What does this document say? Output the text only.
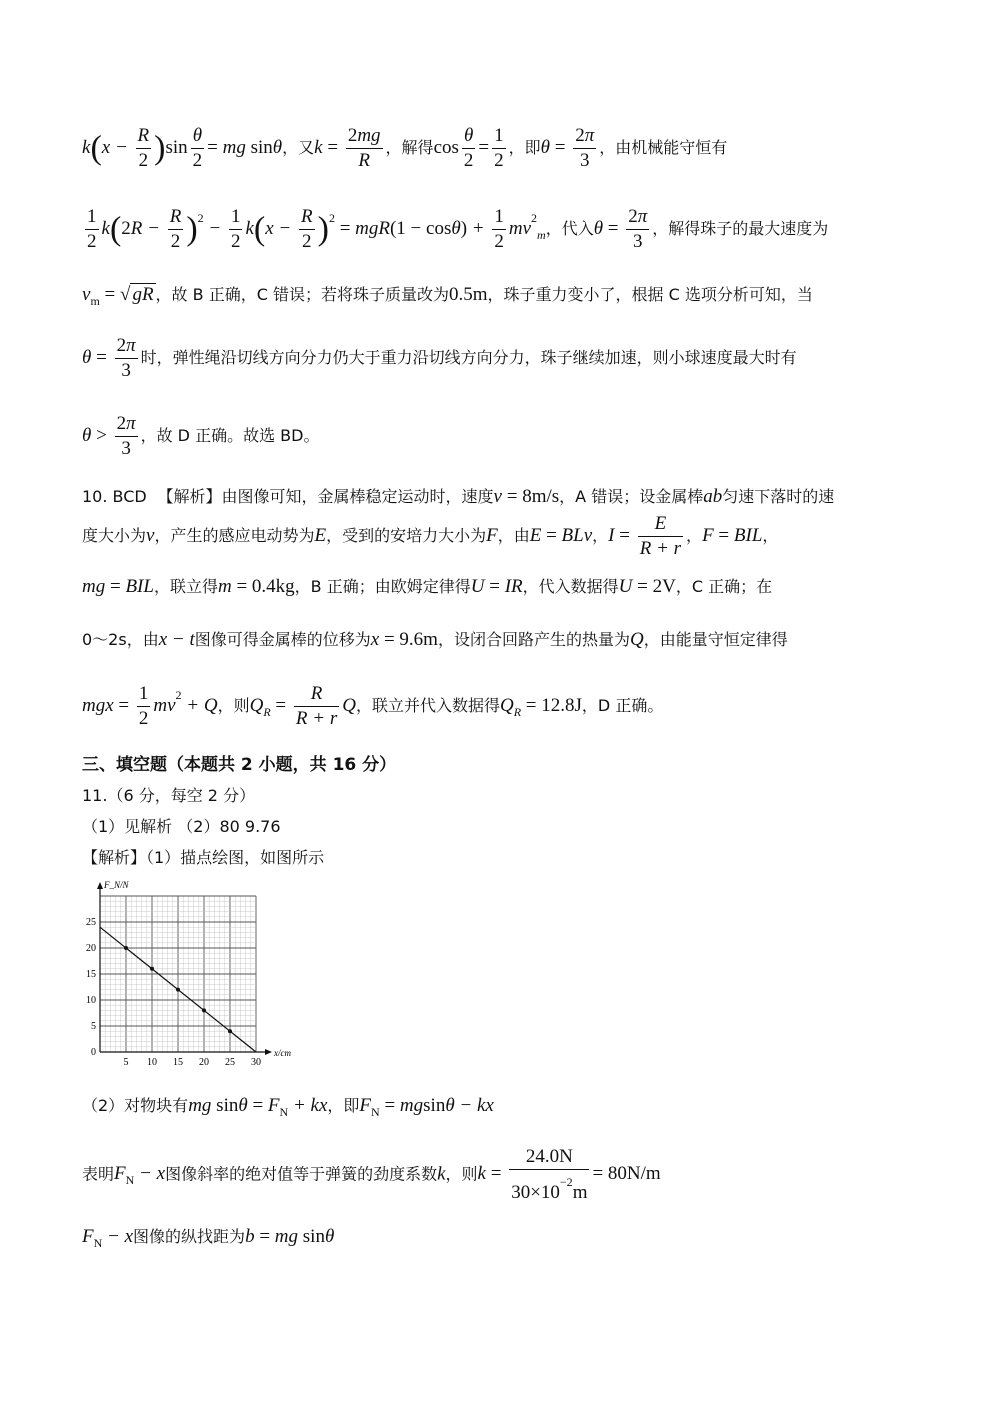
$k(x - \frac{R}{2} )\sin \frac{\theta}{2}$ = mg sinθ，又$k = \frac{2mg}{R}$ ，解得$\cos \frac{\theta}{2} = \frac{1}{2}$ ，即$\theta = \frac{2\pi}{3}$ ，由机械能守恒有
$\frac{1}{2} k(2R - \frac{R}{2} )^2 - \frac{1}{2} k(x - \frac{R}{2} )^2 = mgR(1 - \cos\theta) + \frac{1}{2} mv^2_m$，代入$\theta = \frac{2\pi}{3}$ ，解得珠子的最大速度为
$v_m$ = √ gR ，故 B 正确，C 错误；若将珠子质量改为0.5m，珠子重力变小了，根据 C 选项分析可知，当
$\theta = \frac{2\pi}{3}$ 时，弹性绳沿切线方向分力仍大于重力沿切线方向分力，珠子继续加速，则小球速度最大时有
$\theta > \frac{2\pi}{3}$ ，故 D 正确。故选 BD。
10. BCD 【解析】由图像可知，金属棒稳定运动时，速度v = 8m/s，A 错误；设金属棒ab匀速下落时的速
度大小为v，产生的感应电动势为E，受到的安培力大小为F，由E = BLv，$I = \frac{E}{R + r}$ ，F = BIL，
mg = BIL，联立得m = 0.4kg，B 正确；由欧姆定律得U = IR，代入数据得U = 2V，C 正确；在
0～2s，由x − t图像可得金属棒的位移为x = 9.6m，设闭合回路产生的热量为Q，由能量守恒定律得
mgx = $\frac{1}{2} mv^2 + Q$，则$Q_R = \frac{R}{R + r}$ Q，联立并代入数据得$Q_R = 12.8J$，D 正确。
三、填空题（本题共 2 小题，共 16 分）
11.（6 分，每空 2 分）
（1）见解析 （2）80 9.76
【解析】（1）描点绘图，如图所示
5 10 15 20 25 30
5
10
15
20
25
0	x/cm
F_N/N
（2）对物块有mg $\sin\theta = F_N$ + kx，即$F_N = mgsin\theta$ − kx
表明$F_N - x$图像斜率的绝对值等于弹簧的劲度系数k，则$k = \frac{24.0N}{30\times 10^{-2}m} = 80N/m$
$F_N - x$图像的纵找距为b = mg sinθ
